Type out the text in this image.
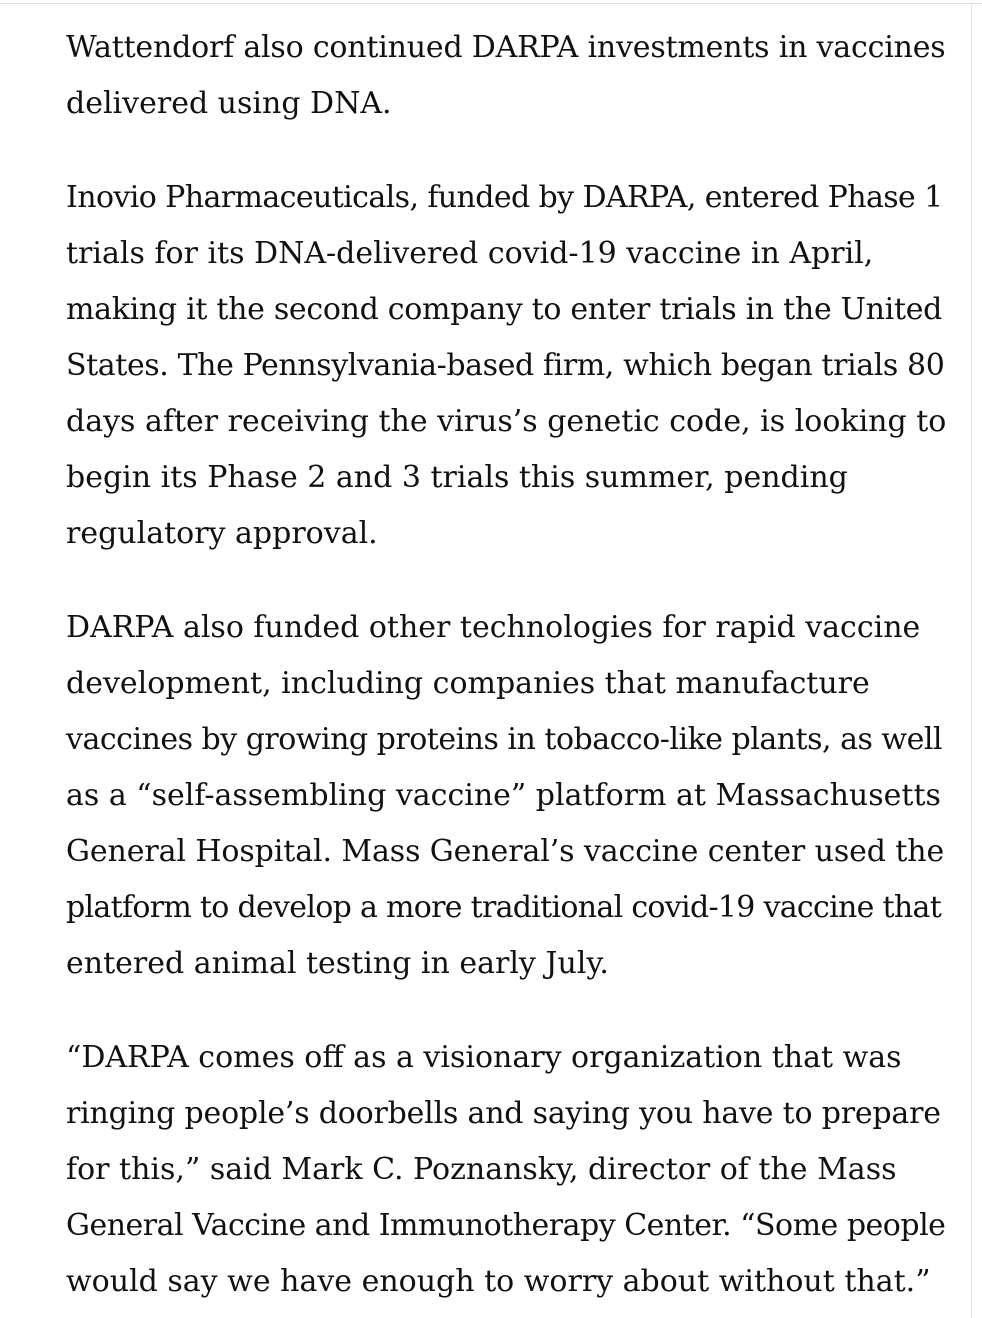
Wattendorf also continued DARPA investments in vaccines
delivered using DNA.

Inovio Pharmaceuticals, funded by DARPA, entered Phase 1
trials for its DNA-delivered covid-19 vaccine in April,
making it the second company to enter trials in the United
States. The Pennsylvania-based firm, which began trials 80
days after receiving the virus’s genetic code, is looking to
begin its Phase 2 and 3 trials this summer, pending
regulatory approval.

DARPA also funded other technologies for rapid vaccine
development, including companies that manufacture
vaccines by growing proteins in tobacco-like plants, as well
as a “self-assembling vaccine” platform at Massachusetts
General Hospital. Mass General’s vaccine center used the
platform to develop a more traditional covid-19 vaccine that
entered animal testing in early July.

“DARPA comes off as a visionary organization that was
ringing people’s doorbells and saying you have to prepare
for this,” said Mark C. Poznansky, director of the Mass
General Vaccine and Immunotherapy Center. “Some people
would say we have enough to worry about without that.”
